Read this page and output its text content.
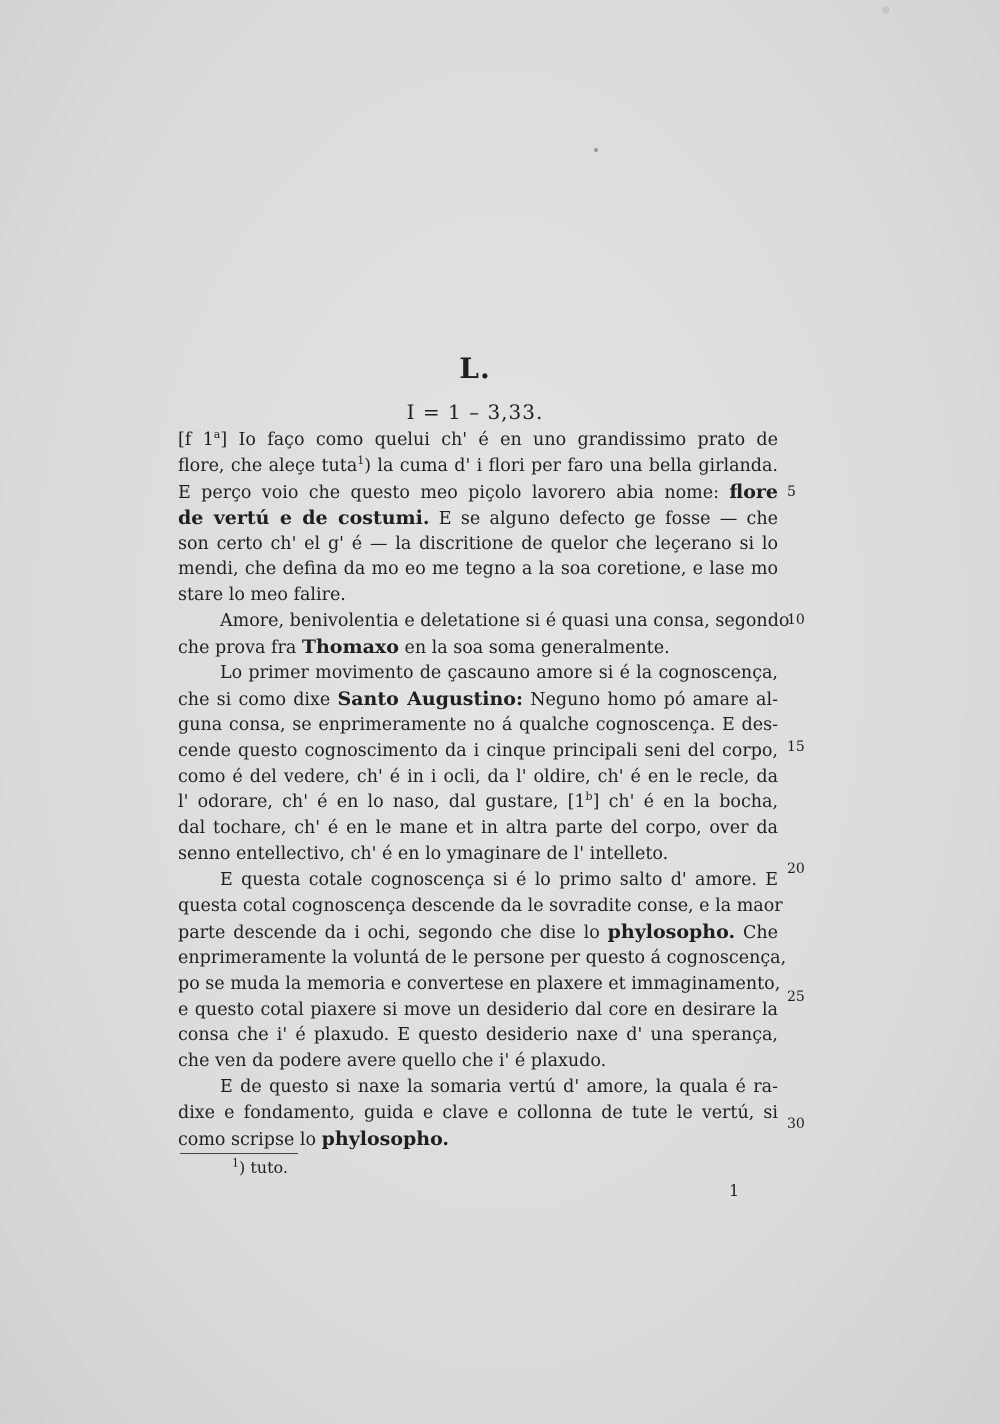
L.
I = 1 – 3,33.
[f 1$^a$] Io faço como quelui ch' é en uno grandissimo prato de
flore, che aleçe tuta$^1$) la cuma d' i flori per faro una bella girlanda.
E perço voio che questo meo piçolo lavorero abia nome: flore
de vertú e de costumi. E se alguno defecto ge fosse — che
son certo ch' el g' é — la discritione de quelor che leçerano si lo
mendi, che defina da mo eo me tegno a la soa coretione, e lase mo
stare lo meo falire.
Amore, benivolentia e deletatione si é quasi una consa, segondo
che prova fra Thomaxo en la soa soma generalmente.
Lo primer movimento de çascauno amore si é la cognoscença,
che si como dixe Santo Augustino: Neguno homo pó amare al-
guna consa, se enprimeramente no á qualche cognoscença. E des-
cende questo cognoscimento da i cinque principali seni del corpo,
como é del vedere, ch' é in i ocli, da l' oldire, ch' é en le recle, da
l' odorare, ch' é en lo naso, dal gustare, [1$^b$] ch' é en la bocha,
dal tochare, ch' é en le mane et in altra parte del corpo, over da
senno entellectivo, ch' é en lo ymaginare de l' intelleto.
E questa cotale cognoscença si é lo primo salto d' amore. E
questa cotal cognoscença descende da le sovradite conse, e la maor
parte descende da i ochi, segondo che dise lo phylosopho. Che
enprimeramente la voluntá de le persone per questo á cognoscença,
po se muda la memoria e convertese en plaxere et immaginamento,
e questo cotal piaxere si move un desiderio dal core en desirare la
consa che i' é plaxudo. E questo desiderio naxe d' una sperança,
che ven da podere avere quello che i' é plaxudo.
E de questo si naxe la somaria vertú d' amore, la quala é ra-
dixe e fondamento, guida e clave e collonna de tute le vertú, si
como scripse lo phylosopho.
5
10
15
20
25
30
$^1$) tuto.
1
